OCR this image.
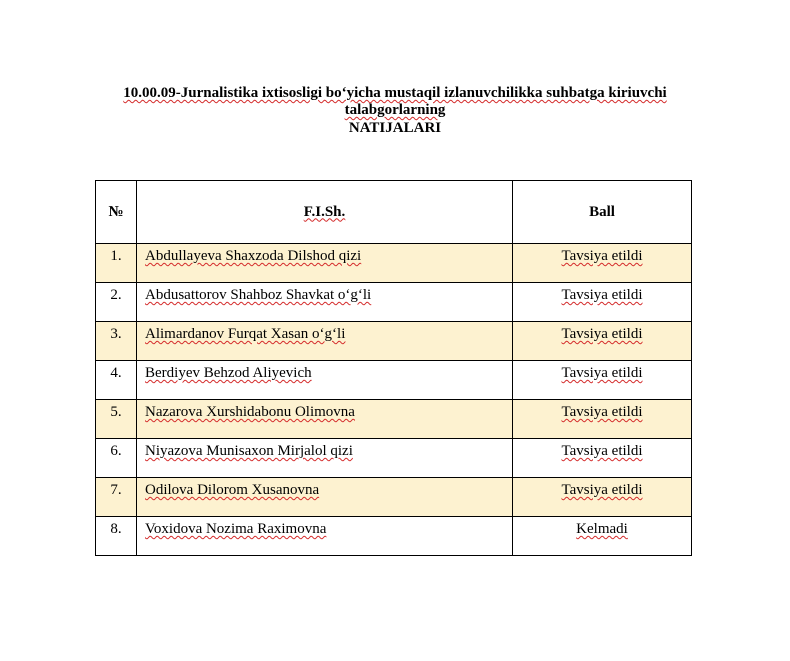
10.00.09-Jurnalistika ixtisosligi bo‘yicha mustaqil izlanuvchilikka suhbatga kiriuvchi
talabgorlarning
NATIJALARI
№	F.I.Sh.	Ball
1.	Abdullayeva Shaxzoda Dilshod qizi	Tavsiya etildi
2.	Abdusattorov Shahboz Shavkat o‘g‘li	Tavsiya etildi
3.	Alimardanov Furqat Xasan o‘g‘li	Tavsiya etildi
4.	Berdiyev Behzod Aliyevich	Tavsiya etildi
5.	Nazarova Xurshidabonu Olimovna	Tavsiya etildi
6.	Niyazova Munisaxon Mirjalol qizi	Tavsiya etildi
7.	Odilova Dilorom Xusanovna	Tavsiya etildi
8.	Voxidova Nozima Raximovna	Kelmadi
